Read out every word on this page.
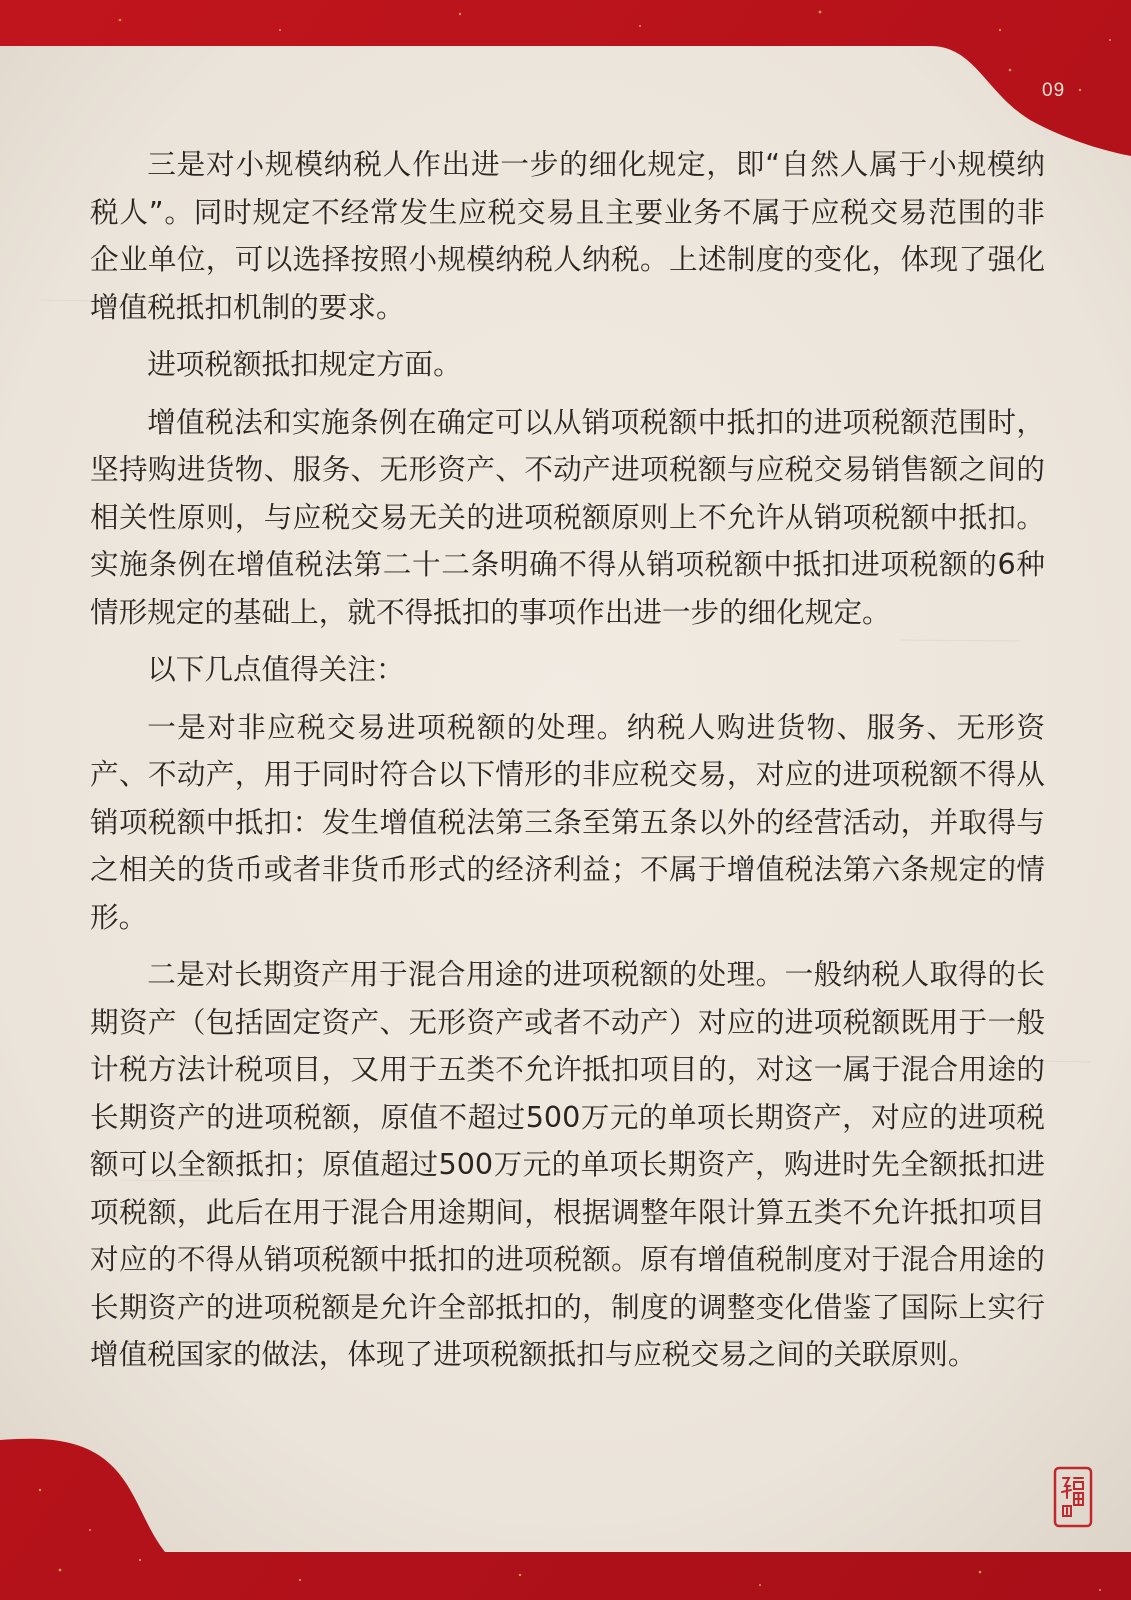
09

三是对小规模纳税人作出进一步的细化规定，即“自然人属于小规模纳税人”。同时规定不经常发生应税交易且主要业务不属于应税交易范围的非企业单位，可以选择按照小规模纳税人纳税。上述制度的变化，体现了强化增值税抵扣机制的要求。

进项税额抵扣规定方面。

增值税法和实施条例在确定可以从销项税额中抵扣的进项税额范围时，坚持购进货物、服务、无形资产、不动产进项税额与应税交易销售额之间的相关性原则，与应税交易无关的进项税额原则上不允许从销项税额中抵扣。实施条例在增值税法第二十二条明确不得从销项税额中抵扣进项税额的6种情形规定的基础上，就不得抵扣的事项作出进一步的细化规定。

以下几点值得关注：

一是对非应税交易进项税额的处理。纳税人购进货物、服务、无形资产、不动产，用于同时符合以下情形的非应税交易，对应的进项税额不得从销项税额中抵扣：发生增值税法第三条至第五条以外的经营活动，并取得与之相关的货币或者非货币形式的经济利益；不属于增值税法第六条规定的情形。

二是对长期资产用于混合用途的进项税额的处理。一般纳税人取得的长期资产（包括固定资产、无形资产或者不动产）对应的进项税额既用于一般计税方法计税项目，又用于五类不允许抵扣项目的，对这一属于混合用途的长期资产的进项税额，原值不超过500万元的单项长期资产，对应的进项税额可以全额抵扣；原值超过500万元的单项长期资产，购进时先全额抵扣进项税额，此后在用于混合用途期间，根据调整年限计算五类不允许抵扣项目对应的不得从销项税额中抵扣的进项税额。原有增值税制度对于混合用途的长期资产的进项税额是允许全部抵扣的，制度的调整变化借鉴了国际上实行增值税国家的做法，体现了进项税额抵扣与应税交易之间的关联原则。
